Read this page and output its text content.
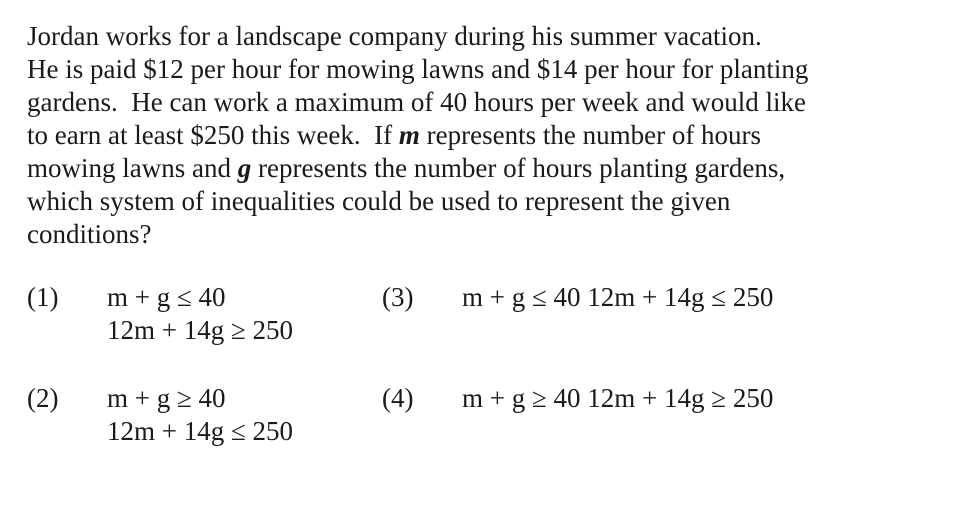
Jordan works for a landscape company during his summer vacation.
He is paid $12 per hour for mowing lawns and $14 per hour for planting
gardens.  He can work a maximum of 40 hours per week and would like
to earn at least $250 this week.  If m represents the number of hours
mowing lawns and g represents the number of hours planting gardens,
which system of inequalities could be used to represent the given
conditions?
(1)	m + g ≤ 40 12m + 14g ≥ 250
(3)	m + g ≤ 40 12m + 14g ≤ 250
(2)	m + g ≥ 40 12m + 14g ≤ 250
(4)	m + g ≥ 40 12m + 14g ≥ 250
